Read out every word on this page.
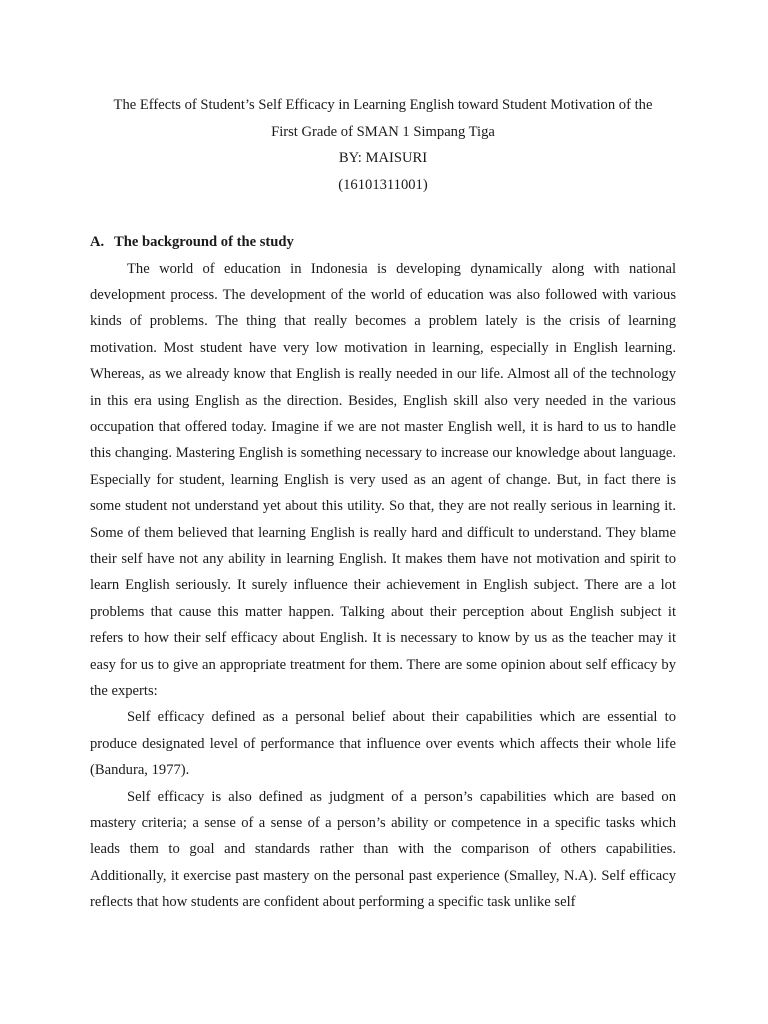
The Effects of Student’s Self Efficacy in Learning English toward Student Motivation of the
First Grade of SMAN 1 Simpang Tiga
BY: MAISURI
(16101311001)
A. The background of the study

The world of education in Indonesia is developing dynamically along with national development process. The development of the world of education was also followed with various kinds of problems. The thing that really becomes a problem lately is the crisis of learning motivation. Most student have very low motivation in learning, especially in English learning. Whereas, as we already know that English is really needed in our life. Almost all of the technology in this era using English as the direction. Besides, English skill also very needed in the various occupation that offered today. Imagine if we are not master English well, it is hard to us to handle this changing. Mastering English is something necessary to increase our knowledge about language. Especially for student, learning English is very used as an agent of change. But, in fact there is some student not understand yet about this utility. So that, they are not really serious in learning it. Some of them believed that learning English is really hard and difficult to understand. They blame their self have not any ability in learning English. It makes them have not motivation and spirit to learn English seriously. It surely influence their achievement in English subject. There are a lot problems that cause this matter happen. Talking about their perception about English subject it refers to how their self efficacy about English. It is necessary to know by us as the teacher may it easy for us to give an appropriate treatment for them. There are some opinion about self efficacy by the experts:

Self efficacy defined as a personal belief about their capabilities which are essential to produce designated level of performance that influence over events which affects their whole life (Bandura, 1977).

Self efficacy is also defined as judgment of a person’s capabilities which are based on mastery criteria; a sense of a sense of a person’s ability or competence in a specific tasks which leads them to goal and standards rather than with the comparison of others capabilities. Additionally, it exercise past mastery on the personal past experience (Smalley, N.A). Self efficacy reflects that how students are confident about performing a specific task unlike self
